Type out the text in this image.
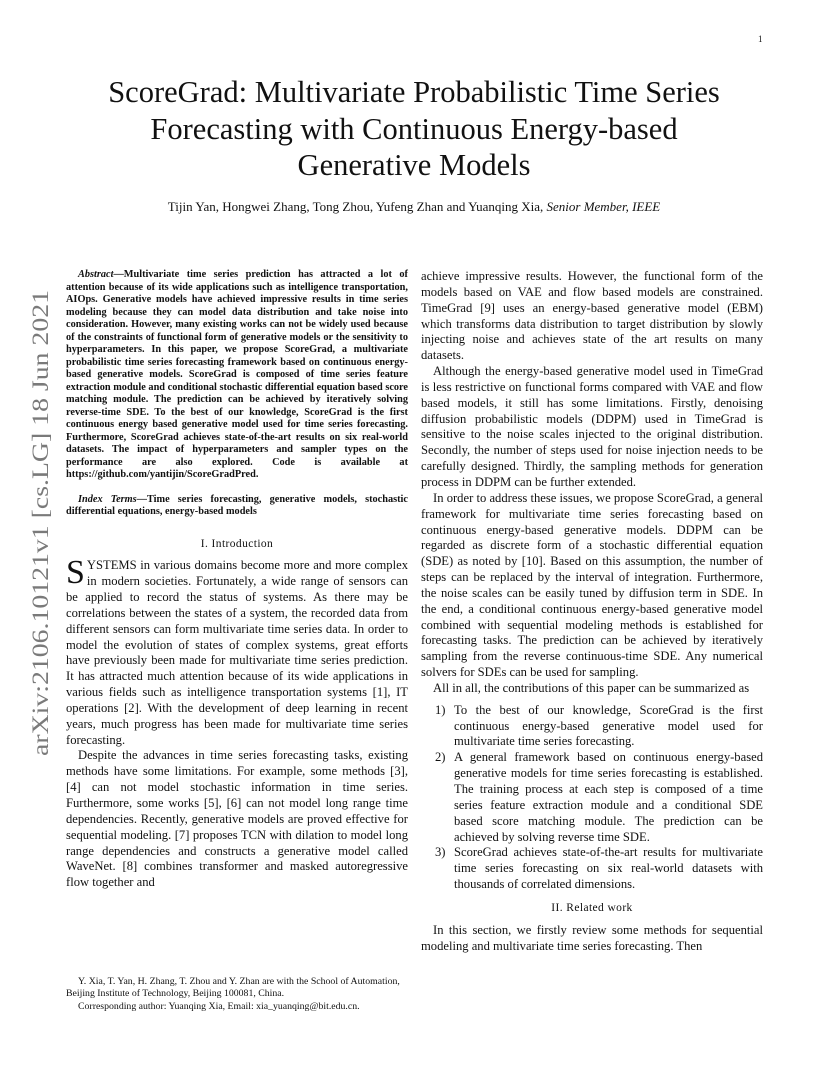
1
arXiv:2106.10121v1 [cs.LG] 18 Jun 2021
ScoreGrad: Multivariate Probabilistic Time Series
Forecasting with Continuous Energy-based
Generative Models
Tijin Yan, Hongwei Zhang, Tong Zhou, Yufeng Zhan and Yuanqing Xia, Senior Member, IEEE

Abstract—Multivariate time series prediction has attracted a lot of attention because of its wide applications such as intelligence transportation, AIOps. Generative models have achieved impressive results in time series modeling because they can model data distribution and take noise into consideration. However, many existing works can not be widely used because of the constraints of functional form of generative models or the sensitivity to hyperparameters. In this paper, we propose ScoreGrad, a multivariate probabilistic time series forecasting framework based on continuous energy-based generative models. ScoreGrad is composed of time series feature extraction module and conditional stochastic differential equation based score matching module. The prediction can be achieved by iteratively solving reverse-time SDE. To the best of our knowledge, ScoreGrad is the first continuous energy based generative model used for time series forecasting. Furthermore, ScoreGrad achieves state-of-the-art results on six real-world datasets. The impact of hyperparameters and sampler types on the performance are also explored. Code is available at https://github.com/yantijin/ScoreGradPred.

Index Terms—Time series forecasting, generative models, stochastic differential equations, energy-based models

I. Introduction

SYSTEMS in various domains become more and more complex in modern societies. Fortunately, a wide range of sensors can be applied to record the status of systems. As there may be correlations between the states of a system, the recorded data from different sensors can form multivariate time series data. In order to model the evolution of states of complex systems, great efforts have previously been made for multivariate time series prediction. It has attracted much attention because of its wide applications in various fields such as intelligence transportation systems [1], IT operations [2]. With the development of deep learning in recent years, much progress has been made for multivariate time series forecasting.

Despite the advances in time series forecasting tasks, existing methods have some limitations. For example, some methods [3], [4] can not model stochastic information in time series. Furthermore, some works [5], [6] can not model long range time dependencies. Recently, generative models are proved effective for sequential modeling. [7] proposes TCN with dilation to model long range dependencies and constructs a generative model called WaveNet. [8] combines transformer and masked autoregressive flow together and

Y. Xia, T. Yan, H. Zhang, T. Zhou and Y. Zhan are with the School of Automation, Beijing Institute of Technology, Beijing 100081, China.

Corresponding author: Yuanqing Xia, Email: xia_yuanqing@bit.edu.cn.

achieve impressive results. However, the functional form of the models based on VAE and flow based models are constrained. TimeGrad [9] uses an energy-based generative model (EBM) which transforms data distribution to target distribution by slowly injecting noise and achieves state of the art results on many datasets.

Although the energy-based generative model used in TimeGrad is less restrictive on functional forms compared with VAE and flow based models, it still has some limitations. Firstly, denoising diffusion probabilistic models (DDPM) used in TimeGrad is sensitive to the noise scales injected to the original distribution. Secondly, the number of steps used for noise injection needs to be carefully designed. Thirdly, the sampling methods for generation process in DDPM can be further extended.

In order to address these issues, we propose ScoreGrad, a general framework for multivariate time series forecasting based on continuous energy-based generative models. DDPM can be regarded as discrete form of a stochastic differential equation (SDE) as noted by [10]. Based on this assumption, the number of steps can be replaced by the interval of integration. Furthermore, the noise scales can be easily tuned by diffusion term in SDE. In the end, a conditional continuous energy-based generative model combined with sequential modeling methods is established for forecasting tasks. The prediction can be achieved by iteratively sampling from the reverse continuous-time SDE. Any numerical solvers for SDEs can be used for sampling.

All in all, the contributions of this paper can be summarized as

1) To the best of our knowledge, ScoreGrad is the first continuous energy-based generative model used for multivariate time series forecasting.
2) A general framework based on continuous energy-based generative models for time series forecasting is established. The training process at each step is composed of a time series feature extraction module and a conditional SDE based score matching module. The prediction can be achieved by solving reverse time SDE.
3) ScoreGrad achieves state-of-the-art results for multivariate time series forecasting on six real-world datasets with thousands of correlated dimensions.
II. Related work

In this section, we firstly review some methods for sequential modeling and multivariate time series forecasting. Then
